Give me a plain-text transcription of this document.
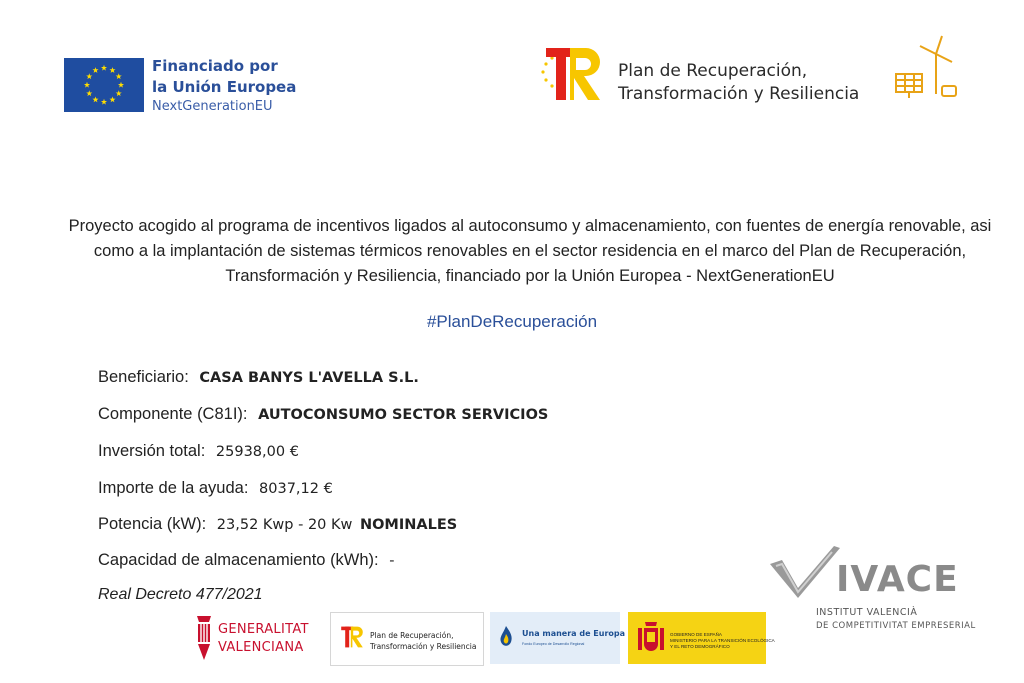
Financiado por
la Unión Europea
NextGenerationEU
Plan de Recuperación,
Transformación y Resiliencia
Proyecto acogido al programa de incentivos ligados al autoconsumo y almacenamiento, con fuentes de energía renovable, asi como a la implantación de sistemas térmicos renovables en el sector residencia en el marco del Plan de Recuperación, Transformación y Resiliencia, financiado por la Unión Europea - NextGenerationEU
#PlanDeRecuperación
Beneficiario: CASA BANYS L'AVELLA S.L.
Componente (C81I): AUTOCONSUMO SECTOR SERVICIOS
Inversión total: 25938,00 €
Importe de la ayuda: 8037,12 €
Potencia (kW): 23,52 Kwp - 20 Kw NOMINALES
Capacidad de almacenamiento (kWh): -
Real Decreto 477/2021	IVACE
INSTITUT VALENCIÀ
DE COMPETITIVITAT EMPRESERIAL
GENERALITAT
VALENCIANA
Plan de Recuperación,
Transformación y Resiliencia
Una manera de Europa
Fondo Europeo de Desarrollo Regional
GOBIERNO DE ESPAÑA
MINISTERIO PARA LA TRANSICIÓN ECOLÓGICA
Y EL RETO DEMOGRÁFICO
